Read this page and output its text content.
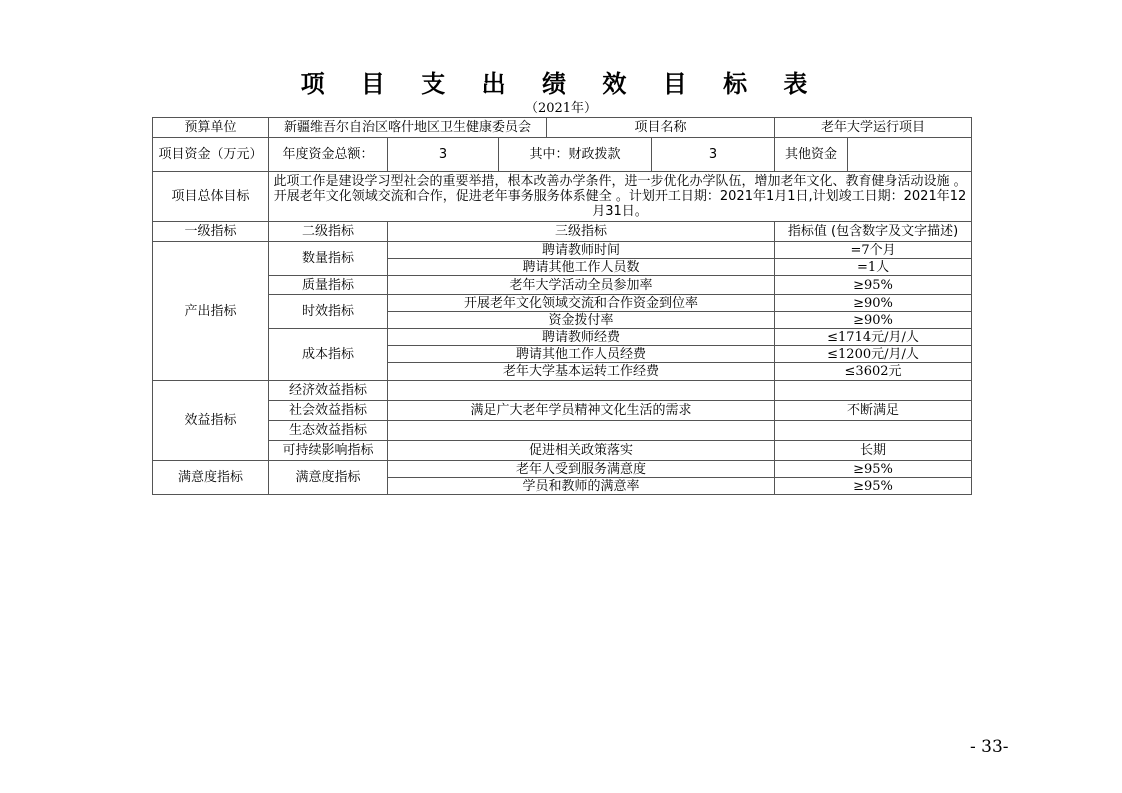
项 目 支 出 绩 效 目 标 表
（2021年）
预算单位	新疆维吾尔自治区喀什地区卫生健康委员会			项目名称		老年大学运行项目	
项目资金（万元）	年度资金总额：	3	其中：财政拨款		3	其他资金	
项目总体目标	此项工作是建设学习型社会的重要举措，根本改善办学条件，进一步优化办学队伍，增加老年文化、教育健身活动设施 。开展老年文化领域交流和合作，促进老年事务服务体系健全 。计划开工日期：2021年1月1日,计划竣工日期：2021年12月31日。						
一级指标	二级指标	三级指标				指标值 (包含数字及文字描述)	
产出指标	数量指标	聘请教师时间				=7个月	
		聘请其他工作人员数				=1人	
	质量指标	老年大学活动全员参加率				≥95%	
	时效指标	开展老年文化领域交流和合作资金到位率				≥90%	
		资金拨付率				≥90%	
	成本指标	聘请教师经费				≤1714元/月/人	
		聘请其他工作人员经费				≤1200元/月/人	
		老年大学基本运转工作经费				≤3602元	
效益指标	经济效益指标						
	社会效益指标	满足广大老年学员精神文化生活的需求				不断满足	
	生态效益指标						
	可持续影响指标	促进相关政策落实				长期	
满意度指标	满意度指标	老年人受到服务满意度				≥95%	
		学员和教师的满意率				≥95%	
- 33-
